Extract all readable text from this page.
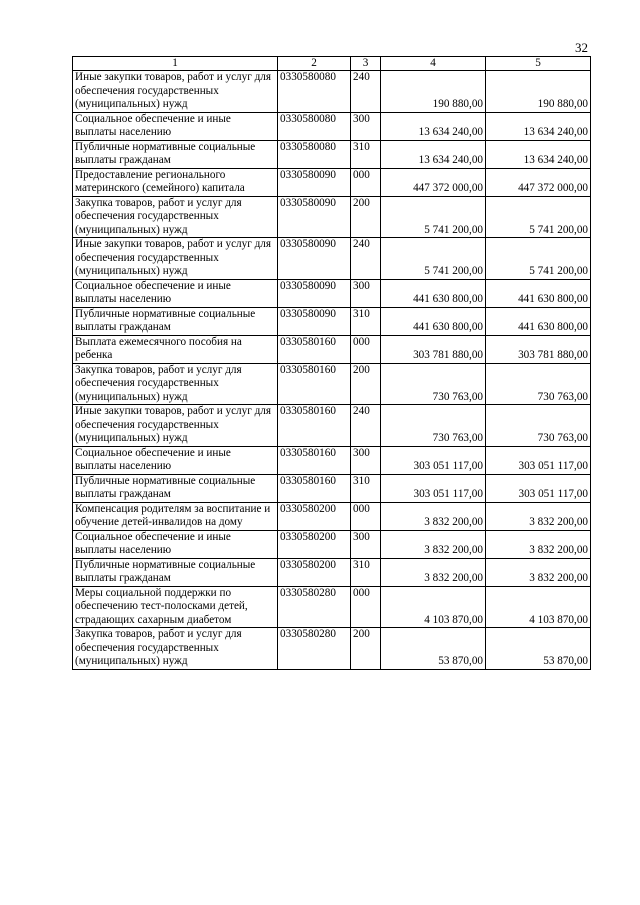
32
1	2	3	4	5
Иные закупки товаров, работ и услуг для обеспечения государственных (муниципальных) нужд	0330580080	240	190 880,00	190 880,00
Социальное обеспечение и иные выплаты населению	0330580080	300	13 634 240,00	13 634 240,00
Публичные нормативные социальные выплаты гражданам	0330580080	310	13 634 240,00	13 634 240,00
Предоставление регионального материнского (семейного) капитала	0330580090	000	447 372 000,00	447 372 000,00
Закупка товаров, работ и услуг для обеспечения государственных (муниципальных) нужд	0330580090	200	5 741 200,00	5 741 200,00
Иные закупки товаров, работ и услуг для обеспечения государственных (муниципальных) нужд	0330580090	240	5 741 200,00	5 741 200,00
Социальное обеспечение и иные выплаты населению	0330580090	300	441 630 800,00	441 630 800,00
Публичные нормативные социальные выплаты гражданам	0330580090	310	441 630 800,00	441 630 800,00
Выплата ежемесячного пособия на ребенка	0330580160	000	303 781 880,00	303 781 880,00
Закупка товаров, работ и услуг для обеспечения государственных (муниципальных) нужд	0330580160	200	730 763,00	730 763,00
Иные закупки товаров, работ и услуг для обеспечения государственных (муниципальных) нужд	0330580160	240	730 763,00	730 763,00
Социальное обеспечение и иные выплаты населению	0330580160	300	303 051 117,00	303 051 117,00
Публичные нормативные социальные выплаты гражданам	0330580160	310	303 051 117,00	303 051 117,00
Компенсация родителям за воспитание и обучение детей-инвалидов на дому	0330580200	000	3 832 200,00	3 832 200,00
Социальное обеспечение и иные выплаты населению	0330580200	300	3 832 200,00	3 832 200,00
Публичные нормативные социальные выплаты гражданам	0330580200	310	3 832 200,00	3 832 200,00
Меры социальной поддержки по обеспечению тест-полосками детей, страдающих сахарным диабетом	0330580280	000	4 103 870,00	4 103 870,00
Закупка товаров, работ и услуг для обеспечения государственных (муниципальных) нужд	0330580280	200	53 870,00	53 870,00
